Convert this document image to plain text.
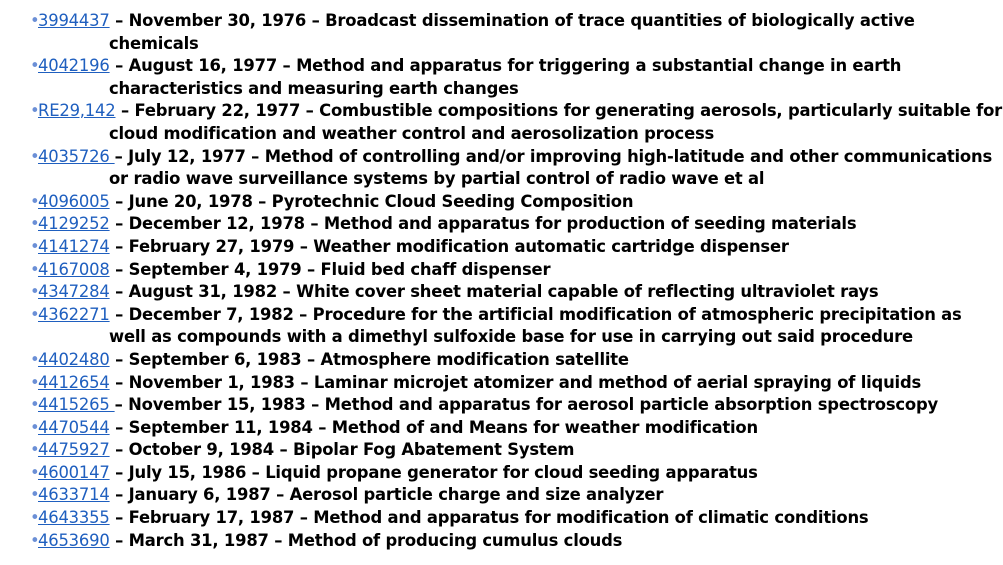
•3994437 – November 30, 1976 – Broadcast dissemination of trace quantities of biologically active chemicals
•4042196 – August 16, 1977 – Method and apparatus for triggering a substantial change in earth characteristics and measuring earth changes
•RE29,142 – February 22, 1977 – Combustible compositions for generating aerosols, particularly suitable for cloud modification and weather control and aerosolization process
•4035726 – July 12, 1977 – Method of controlling and/or improving high-latitude and other communications or radio wave surveillance systems by partial control of radio wave et al
•4096005 – June 20, 1978 – Pyrotechnic Cloud Seeding Composition
•4129252 – December 12, 1978 – Method and apparatus for production of seeding materials
•4141274 – February 27, 1979 – Weather modification automatic cartridge dispenser
•4167008 – September 4, 1979 – Fluid bed chaff dispenser
•4347284 – August 31, 1982 – White cover sheet material capable of reflecting ultraviolet rays
•4362271 – December 7, 1982 – Procedure for the artificial modification of atmospheric precipitation as well as compounds with a dimethyl sulfoxide base for use in carrying out said procedure
•4402480 – September 6, 1983 – Atmosphere modification satellite
•4412654 – November 1, 1983 – Laminar microjet atomizer and method of aerial spraying of liquids
•4415265 – November 15, 1983 – Method and apparatus for aerosol particle absorption spectroscopy
•4470544 – September 11, 1984 – Method of and Means for weather modification
•4475927 – October 9, 1984 – Bipolar Fog Abatement System
•4600147 – July 15, 1986 – Liquid propane generator for cloud seeding apparatus
•4633714 – January 6, 1987 – Aerosol particle charge and size analyzer
•4643355 – February 17, 1987 – Method and apparatus for modification of climatic conditions
•4653690 – March 31, 1987 – Method of producing cumulus clouds
